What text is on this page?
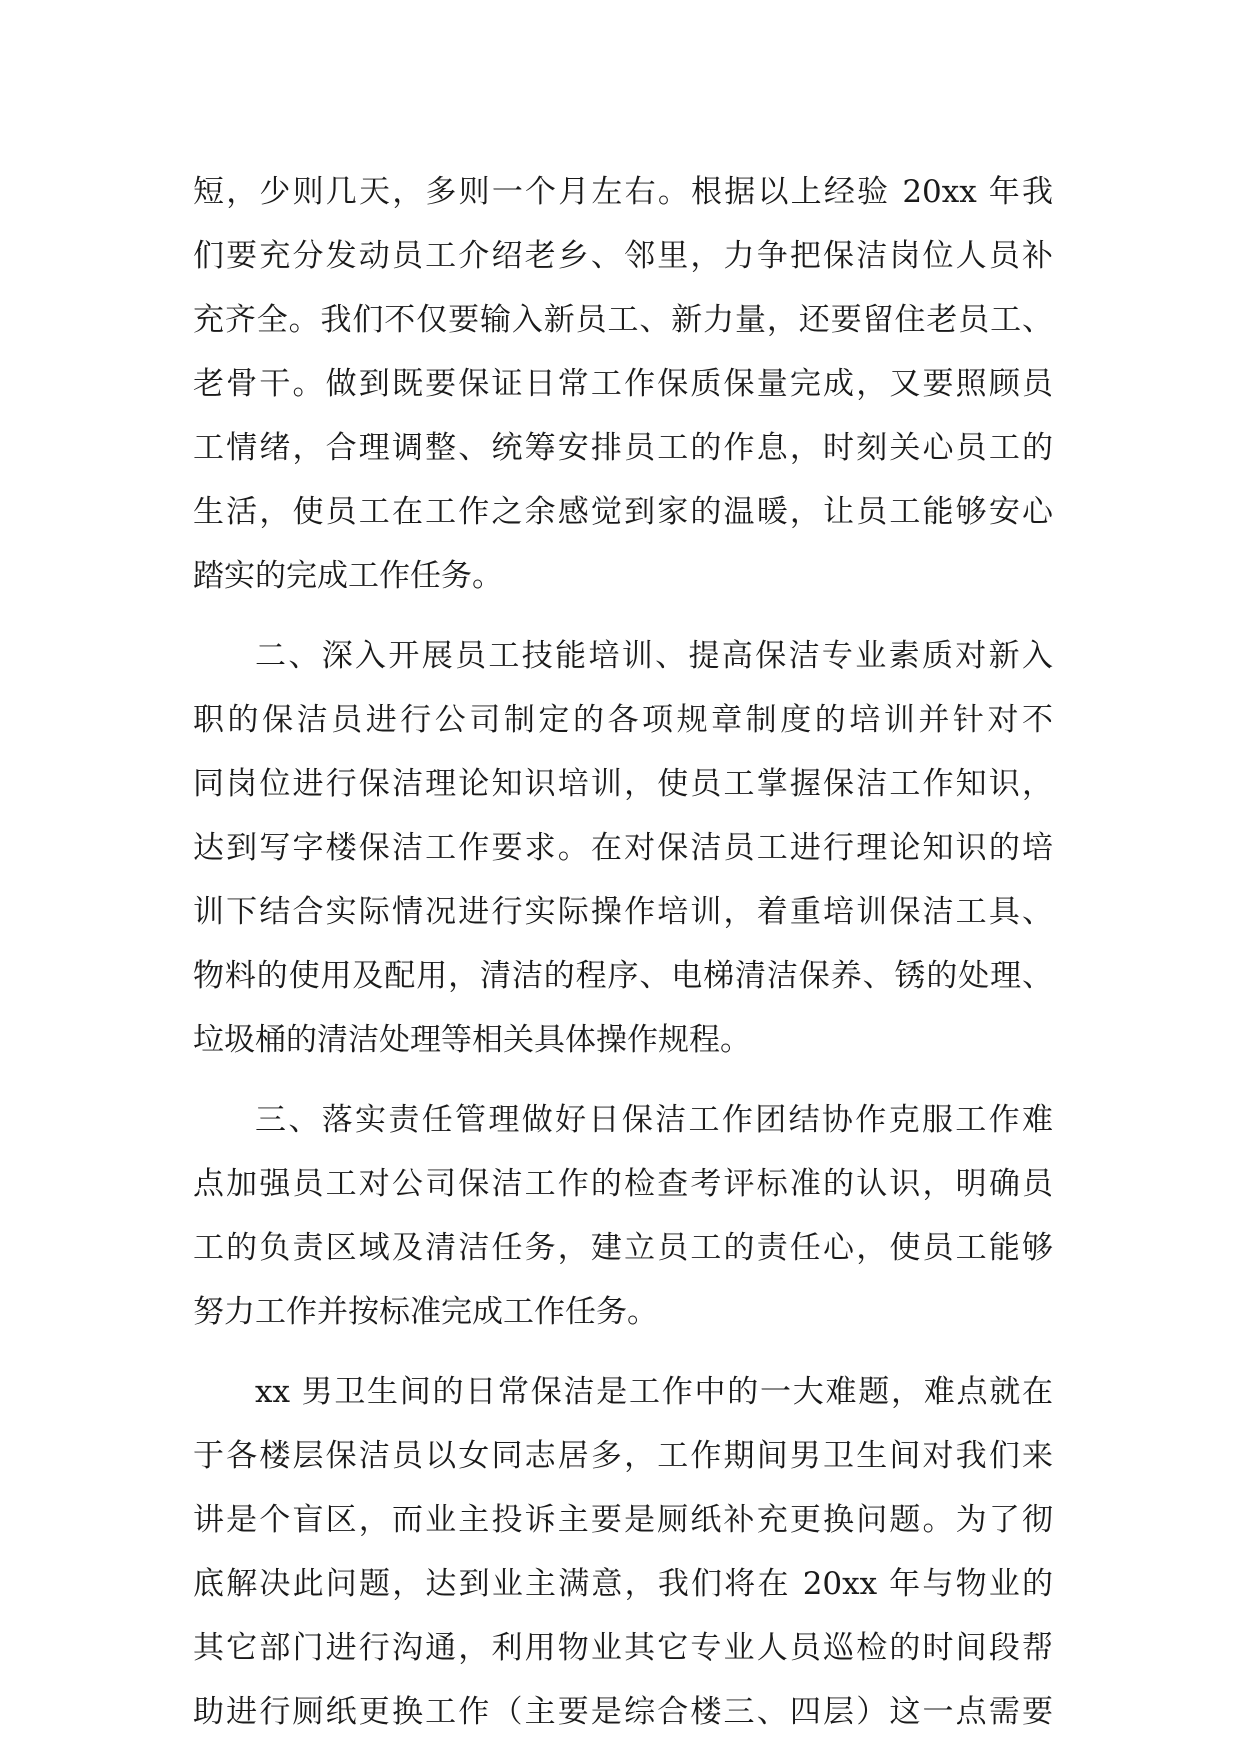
短，少则几天，多则一个月左右。根据以上经验 20xx 年我
们要充分发动员工介绍老乡、邻里，力争把保洁岗位人员补
充齐全。我们不仅要输入新员工、新力量，还要留住老员工、
老骨干。做到既要保证日常工作保质保量完成，又要照顾员
工情绪，合理调整、统筹安排员工的作息，时刻关心员工的
生活，使员工在工作之余感觉到家的温暖，让员工能够安心
踏实的完成工作任务。
二、深入开展员工技能培训、提高保洁专业素质对新入
职的保洁员进行公司制定的各项规章制度的培训并针对不
同岗位进行保洁理论知识培训，使员工掌握保洁工作知识，
达到写字楼保洁工作要求。在对保洁员工进行理论知识的培
训下结合实际情况进行实际操作培训，着重培训保洁工具、
物料的使用及配用，清洁的程序、电梯清洁保养、锈的处理、
垃圾桶的清洁处理等相关具体操作规程。
三、落实责任管理做好日保洁工作团结协作克服工作难
点加强员工对公司保洁工作的检查考评标准的认识，明确员
工的负责区域及清洁任务，建立员工的责任心，使员工能够
努力工作并按标准完成工作任务。
xx 男卫生间的日常保洁是工作中的一大难题，难点就在
于各楼层保洁员以女同志居多，工作期间男卫生间对我们来
讲是个盲区，而业主投诉主要是厕纸补充更换问题。为了彻
底解决此问题，达到业主满意，我们将在 20xx 年与物业的
其它部门进行沟通，利用物业其它专业人员巡检的时间段帮
助进行厕纸更换工作（主要是综合楼三、四层）这一点需要
